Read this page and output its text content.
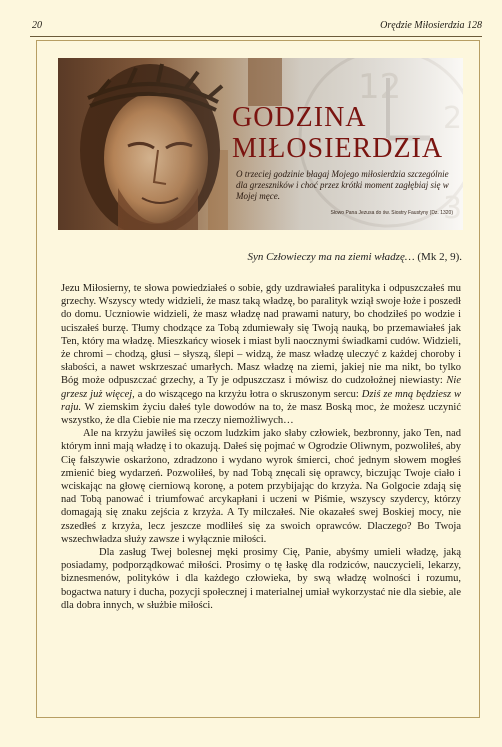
20	Orędzie Miłosierdzia 128
GODZINA
MIŁOSIERDZIA
O trzeciej godzinie błagaj Mojego miłosierdzia szczególnie dla grzeszników i choć przez krótki moment zagłębiaj się w Mojej męce.
Słowo Pana Jezusa do św. Siostry Faustyny (Dz. 1320)
Syn Człowieczy ma na ziemi władzę… (Mk 2, 9).

Jezu Miłosierny, te słowa powiedziałeś o sobie, gdy uzdrawiałeś paralityka i odpuszczałeś mu grzechy. Wszyscy wtedy widzieli, że masz taką władzę, bo paralityk wziął swoje łoże i poszedł do domu. Uczniowie widzieli, że masz władzę nad prawami natury, bo chodziłeś po wodzie i uciszałeś burzę. Tłumy chodzące za Tobą zdumiewały się Twoją nauką, bo przemawiałeś jak Ten, który ma władzę. Mieszkańcy wiosek i miast byli naocznymi świadkami cudów. Widzieli, że chromi – chodzą, głusi – słyszą, ślepi – widzą, że masz władzę uleczyć z każdej choroby i słabości, a nawet wskrzeszać umarłych. Masz władzę na ziemi, jakiej nie ma nikt, bo tylko Bóg może odpuszczać grzechy, a Ty je odpuszczasz i mówisz do cudzołożnej niewiasty: Nie grzesz już więcej, a do wiszącego na krzyżu łotra o skruszonym sercu: Dziś ze mną będziesz w raju. W ziemskim życiu dałeś tyle dowodów na to, że masz Boską moc, że możesz uczynić wszystko, że dla Ciebie nie ma rzeczy niemożliwych…

Ale na krzyżu jawiłeś się oczom ludzkim jako słaby człowiek, bezbronny, jako Ten, nad którym inni mają władzę i to okazują. Dałeś się pojmać w Ogrodzie Oliwnym, pozwoliłeś, aby Cię fałszywie oskarżono, zdradzono i wydano wyrok śmierci, choć jednym słowem mogłeś zmienić bieg wydarzeń. Pozwoliłeś, by nad Tobą znęcali się oprawcy, biczując Twoje ciało i wciskając na głowę cierniową koronę, a potem przybijając do krzyża. Na Golgocie zdają się nad Tobą panować i triumfować arcykapłani i uczeni w Piśmie, wszyscy szydercy, którzy domagają się znaku zejścia z krzyża. A Ty milczałeś. Nie okazałeś swej Boskiej mocy, nie zszedłeś z krzyża, lecz jeszcze modliłeś się za swoich oprawców. Dlaczego? Bo Twoja wszechwładza służy zawsze i wyłącznie miłości.

Dla zasług Twej bolesnej męki prosimy Cię, Panie, abyśmy umieli władzę, jaką posiadamy, podporządkować miłości. Prosimy o tę łaskę dla rodziców, nauczycieli, lekarzy, biznesmenów, polityków i dla każdego człowieka, by swą władzę wolności i rozumu, bogactwa natury i ducha, pozycji społecznej i materialnej umiał wykorzystać nie dla siebie, ale dla dobra innych, w służbie miłości.
